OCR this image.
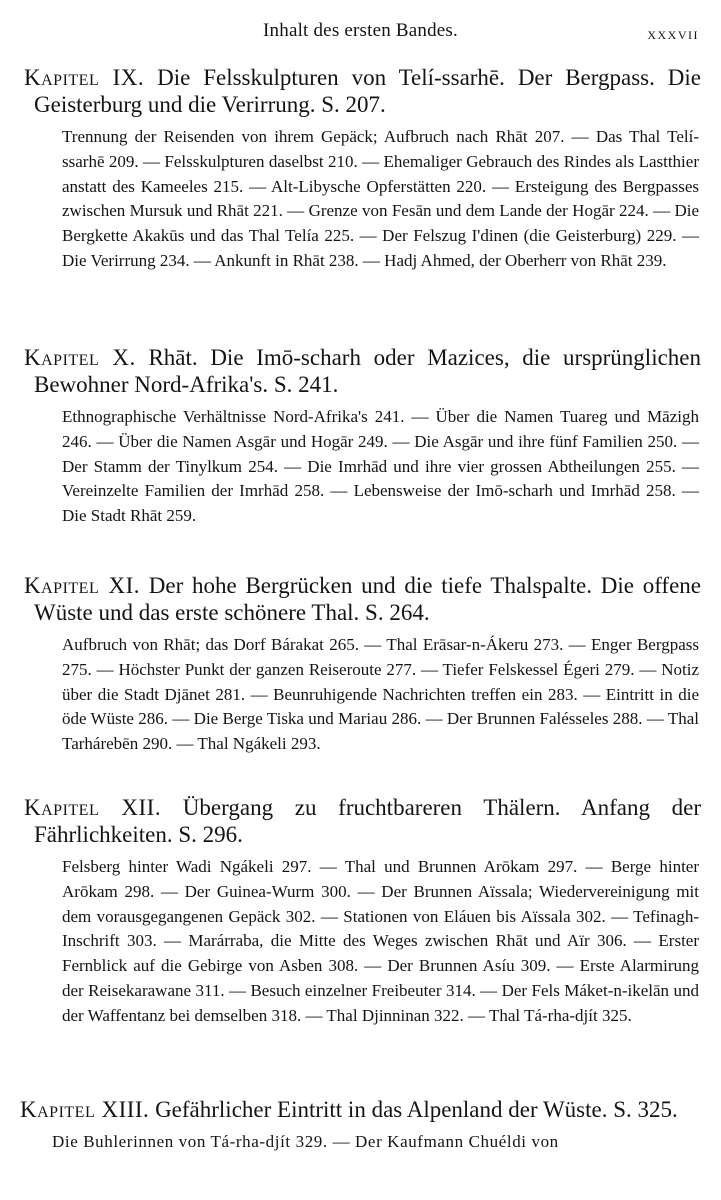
Inhalt des ersten Bandes.	XXXVII

Kapitel IX. Die Felsskulpturen von Telí-ssarhē. Der Bergpass. Die Geisterburg und die Verirrung. S. 207.

Trennung der Reisenden von ihrem Gepäck; Aufbruch nach Rhāt 207. — Das Thal Telí-ssarhē 209. — Felsskulpturen daselbst 210. — Ehemaliger Gebrauch des Rindes als Lastthier anstatt des Kameeles 215. — Alt-Libysche Opferstätten 220. — Ersteigung des Bergpasses zwischen Mursuk und Rhāt 221. — Grenze von Fesān und dem Lande der Hogār 224. — Die Bergkette Akakūs und das Thal Telía 225. — Der Felszug I'dinen (die Geisterburg) 229. — Die Verirrung 234. — Ankunft in Rhāt 238. — Hadj Ahmed, der Oberherr von Rhāt 239.

Kapitel X. Rhāt. Die Imō-scharh oder Mazices, die ursprünglichen Bewohner Nord-Afrika's. S. 241.

Ethnographische Verhältnisse Nord-Afrika's 241. — Über die Namen Tuareg und Māzigh 246. — Über die Namen Asgār und Hogār 249. — Die Asgār und ihre fünf Familien 250. — Der Stamm der Tinylkum 254. — Die Imrhād und ihre vier grossen Abtheilungen 255. — Vereinzelte Familien der Imrhād 258. — Lebensweise der Imō-scharh und Imrhād 258. — Die Stadt Rhāt 259.

Kapitel XI. Der hohe Bergrücken und die tiefe Thalspalte. Die offene Wüste und das erste schönere Thal. S. 264.

Aufbruch von Rhāt; das Dorf Bárakat 265. — Thal Erāsar-n-Ákeru 273. — Enger Bergpass 275. — Höchster Punkt der ganzen Reiseroute 277. — Tiefer Felskessel Égeri 279. — Notiz über die Stadt Djānet 281. — Beunruhigende Nachrichten treffen ein 283. — Eintritt in die öde Wüste 286. — Die Berge Tiska und Mariau 286. — Der Brunnen Falésseles 288. — Thal Tarhárebēn 290. — Thal Ngákeli 293.

Kapitel XII. Übergang zu fruchtbareren Thälern. Anfang der Fährlichkeiten. S. 296.

Felsberg hinter Wadi Ngákeli 297. — Thal und Brunnen Arōkam 297. — Berge hinter Arōkam 298. — Der Guinea-Wurm 300. — Der Brunnen Aïssala; Wiedervereinigung mit dem vorausgegangenen Gepäck 302. — Stationen von Eláuen bis Aïssala 302. — Tefinagh-Inschrift 303. — Marárraba, die Mitte des Weges zwischen Rhāt und Aïr 306. — Erster Fernblick auf die Gebirge von Asben 308. — Der Brunnen Asíu 309. — Erste Alarmirung der Reisekarawane 311. — Besuch einzelner Freibeuter 314. — Der Fels Máket-n-ikelān und der Waffentanz bei demselben 318. — Thal Djinninan 322. — Thal Tá-rha-djít 325.

Kapitel XIII. Gefährlicher Eintritt in das Alpenland der Wüste. S. 325.

Die Buhlerinnen von Tá-rha-djít 329. — Der Kaufmann Chuéldi von
